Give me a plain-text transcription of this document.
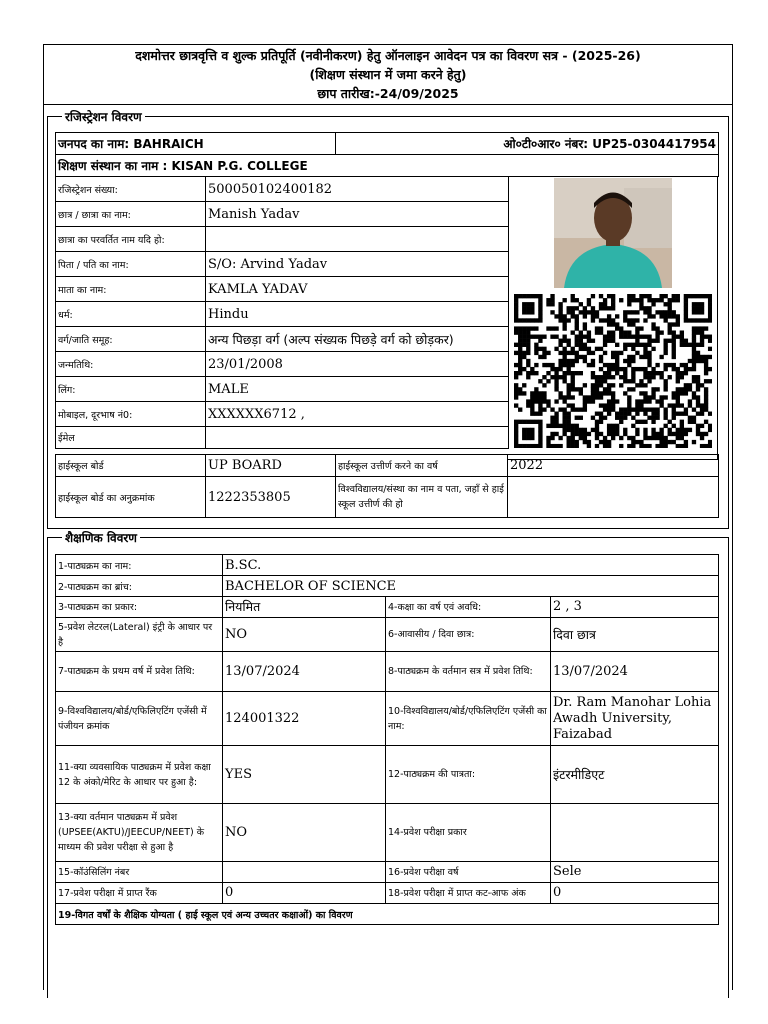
दशमोत्तर छात्रवृत्ति व शुल्क प्रतिपूर्ति (नवीनीकरण) हेतु ऑनलाइन आवेदन पत्र का विवरण सत्र - (2025-26)
(शिक्षण संस्थान में जमा करने हेतु)
छाप तारीख:-24/09/2025
रजिस्ट्रेशन विवरण
जनपद का नाम: BAHRAICH	ओ०टी०आर० नंबर: UP25-0304417954
शिक्षण संस्थान का नाम : KISAN P.G. COLLEGE
रजिस्ट्रेशन संख्या:	500050102400182
छात्र / छात्रा का नाम:	Manish Yadav
छात्रा का परवर्तित नाम यदि हो:	
पिता / पति का नाम:	S/O: Arvind Yadav
माता का नाम:	KAMLA YADAV
धर्म:	Hindu
वर्ग/जाति समूह:	अन्य पिछड़ा वर्ग (अल्प संख्यक पिछड़े वर्ग को छोड़कर)
जन्मतिथि:	23/01/2008
लिंग:	MALE
मोबाइल, दूरभाष नं0:	XXXXXX6712 ,
ईमेल	
हाईस्कूल बोर्ड	UP BOARD	हाईस्कूल उत्तीर्ण करने का वर्ष	2022
हाईस्कूल बोर्ड का अनुक्रमांक	1222353805	विश्वविद्यालय/संस्था का नाम व पता, जहाँ से हाई स्कूल उत्तीर्ण की हो	
शैक्षणिक विवरण
1-पाठ्यक्रम का नाम:	B.SC.		
2-पाठ्यक्रम का ब्रांच:	BACHELOR OF SCIENCE		
3-पाठ्यक्रम का प्रकार:	नियमित	4-कक्षा का वर्ष एवं अवधि:	2 , 3
5-प्रवेश लेटरल(Lateral) इंट्री के आधार पर है	NO	6-आवासीय / दिवा छात्र:	दिवा छात्र
7-पाठ्यक्रम के प्रथम वर्ष में प्रवेश तिथि:	13/07/2024	8-पाठ्यक्रम के वर्तमान सत्र में प्रवेश तिथि:	13/07/2024
9-विश्वविद्यालय/बोर्ड/एफिलिएटिंग एजेंसी में पंजीयन क्रमांक	124001322	10-विश्वविद्यालय/बोर्ड/एफिलिएटिंग एजेंसी का नाम:	Dr. Ram Manohar Lohia Awadh University, Faizabad
11-क्या व्यवसायिक पाठ्यक्रम में प्रवेश कक्षा 12 के अंको/मेरिट के आधार पर हुआ है:	YES	12-पाठ्यक्रम की पात्रता:	इंटरमीडिएट
13-क्या वर्तमान पाठ्यक्रम में प्रवेश (UPSEE(AKTU)/JEECUP/NEET) के माध्यम की प्रवेश परीक्षा से हुआ है	NO	14-प्रवेश परीक्षा प्रकार	
15-कॉउंसिलिंग नंबर		16-प्रवेश परीक्षा वर्ष	Sele
17-प्रवेश परीक्षा में प्राप्त रैंक	0	18-प्रवेश परीक्षा में प्राप्त कट-आफ अंक	0
19-विगत वर्षों के शैक्षिक योग्यता ( हाई स्कूल एवं अन्य उच्चतर कक्षाओं) का विवरण			
